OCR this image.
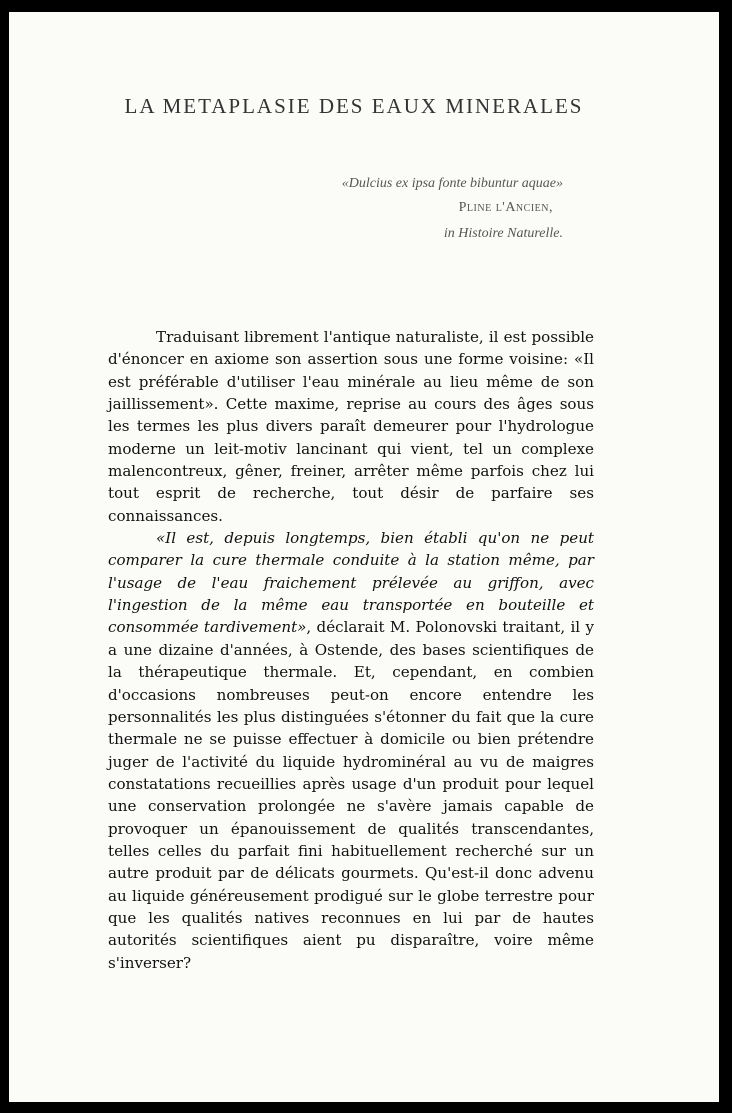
LA METAPLASIE DES EAUX MINERALES
«Dulcius ex ipsa fonte bibuntur aquae»
Pline l'Ancien,
in Histoire Naturelle.

Traduisant librement l'antique naturaliste, il est possible d'énoncer en axiome son assertion sous une forme voisine: «Il est préférable d'utiliser l'eau minérale au lieu même de son jaillissement». Cette maxime, reprise au cours des âges sous les termes les plus divers paraît demeurer pour l'hydrologue moderne un leit-motiv lancinant qui vient, tel un complexe malencontreux, gêner, freiner, arrêter même parfois chez lui tout esprit de recherche, tout désir de parfaire ses connaissances.

«Il est, depuis longtemps, bien établi qu'on ne peut comparer la cure thermale conduite à la station même, par l'usage de l'eau fraichement prélevée au griffon, avec l'ingestion de la même eau transportée en bouteille et consommée tardivement», déclarait M. Polonovski traitant, il y a une dizaine d'années, à Ostende, des bases scientifiques de la thérapeutique thermale. Et, cependant, en combien d'occasions nombreuses peut-on encore entendre les personnalités les plus distinguées s'étonner du fait que la cure thermale ne se puisse effectuer à domicile ou bien prétendre juger de l'activité du liquide hydrominéral au vu de maigres constatations recueillies après usage d'un produit pour lequel une conservation prolongée ne s'avère jamais capable de provoquer un épanouissement de qualités transcendantes, telles celles du parfait fini habituellement recherché sur un autre produit par de délicats gourmets. Qu'est-il donc advenu au liquide généreusement prodigué sur le globe terrestre pour que les qualités natives reconnues en lui par de hautes autorités scientifiques aient pu disparaître, voire même s'inverser?
